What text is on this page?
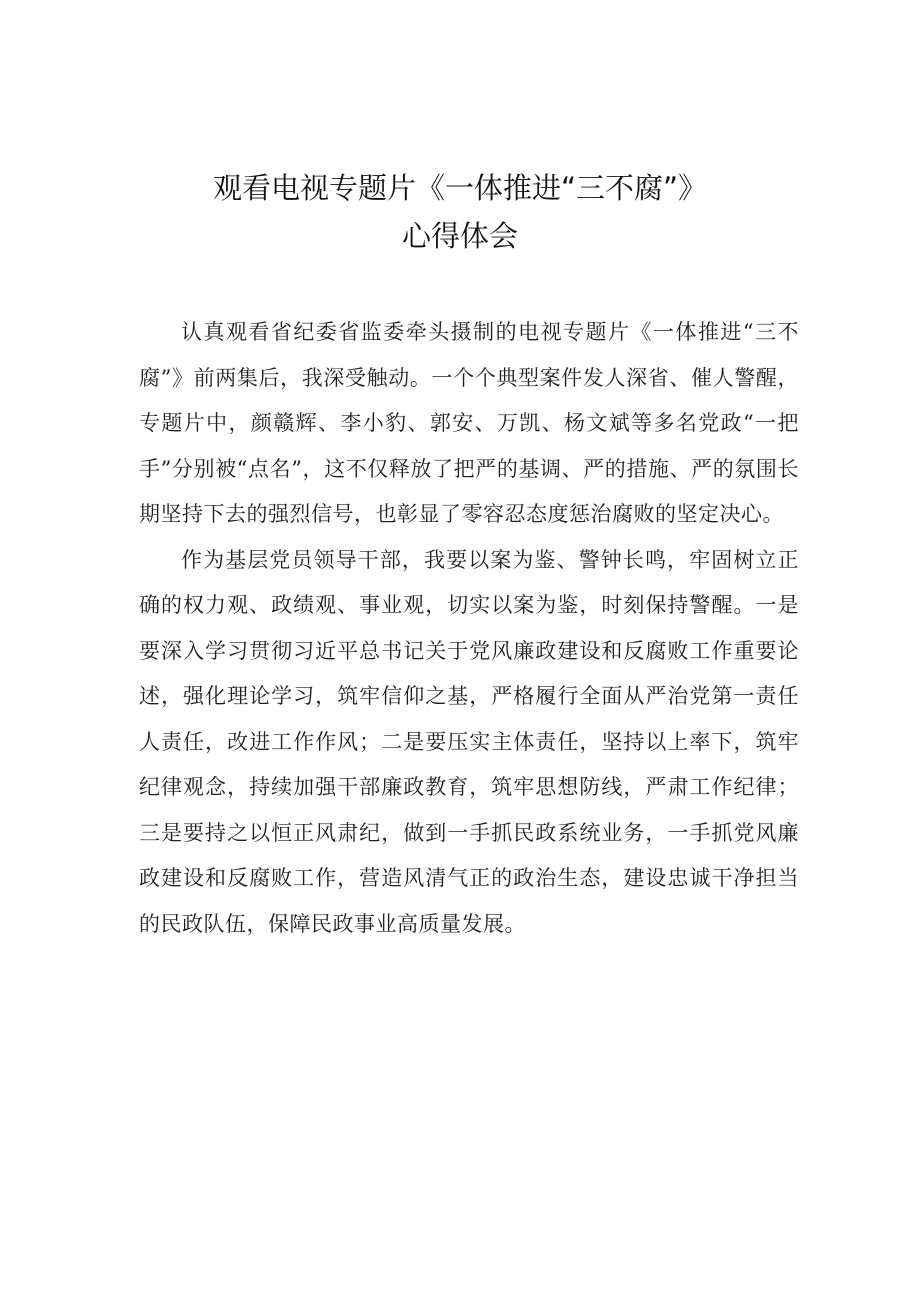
观看电视专题片《一体推进“三不腐”》
心得体会

认真观看省纪委省监委牵头摄制的电视专题片《一体推进“三不腐”》前两集后，我深受触动。一个个典型案件发人深省、催人警醒，专题片中，颜赣辉、李小豹、郭安、万凯、杨文斌等多名党政“一把手”分别被“点名”，这不仅释放了把严的基调、严的措施、严的氛围长期坚持下去的强烈信号，也彰显了零容忍态度惩治腐败的坚定决心。

作为基层党员领导干部，我要以案为鉴、警钟长鸣，牢固树立正确的权力观、政绩观、事业观，切实以案为鉴，时刻保持警醒。一是要深入学习贯彻习近平总书记关于党风廉政建设和反腐败工作重要论述，强化理论学习，筑牢信仰之基，严格履行全面从严治党第一责任人责任，改进工作作风；二是要压实主体责任，坚持以上率下，筑牢纪律观念，持续加强干部廉政教育，筑牢思想防线，严肃工作纪律；三是要持之以恒正风肃纪，做到一手抓民政系统业务，一手抓党风廉政建设和反腐败工作，营造风清气正的政治生态，建设忠诚干净担当的民政队伍，保障民政事业高质量发展。
